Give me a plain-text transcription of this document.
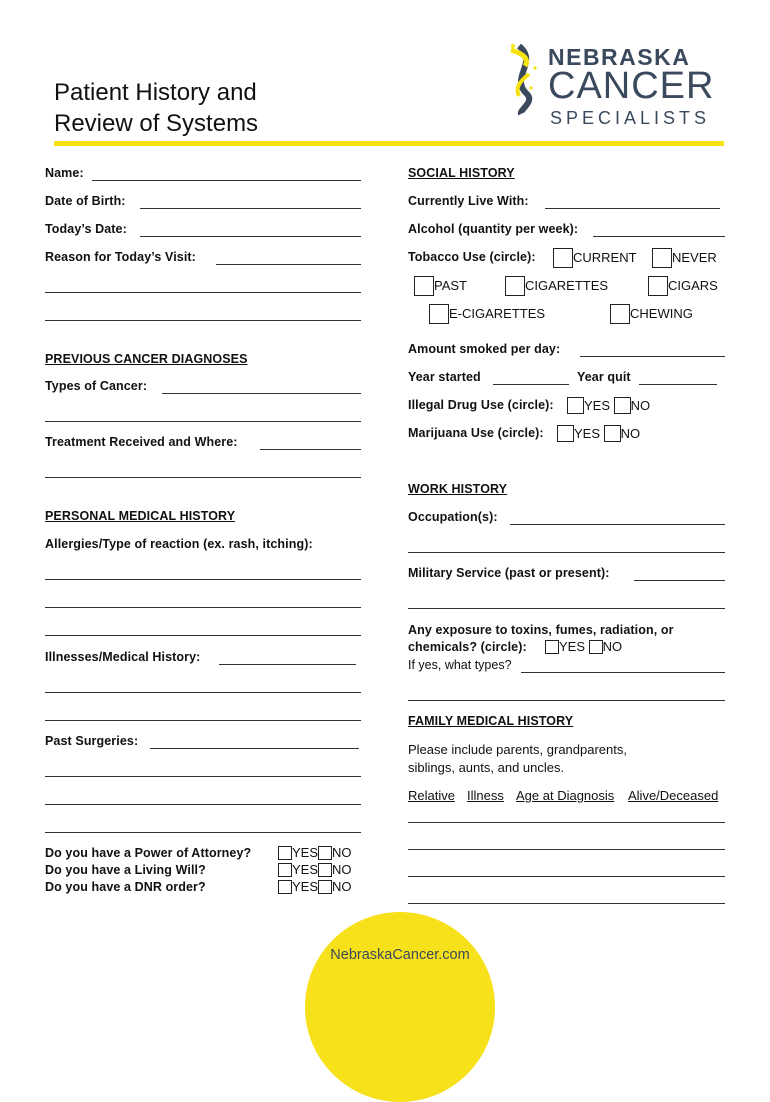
Patient History and
Review of Systems
NEBRASKA
CANCER
SPECIALISTS
Name:
Date of Birth:
Today’s Date:
Reason for Today’s Visit:
PREVIOUS CANCER DIAGNOSES
Types of Cancer:
Treatment Received and Where:
PERSONAL MEDICAL HISTORY
Allergies/Type of reaction (ex. rash, itching):
Illnesses/Medical History:
Past Surgeries:
Do you have a Power of Attorney?	YES NO
Do you have a Living Will?	YES NO
Do you have a DNR order?	YES NO
SOCIAL HISTORY
Currently Live With:
Alcohol (quantity per week):
Tobacco Use (circle):	CURRENT	NEVER
PAST	CIGARETTES	CIGARS
E-CIGARETTES	CHEWING
Amount smoked per day:
Year started	Year quit
Illegal Drug Use (circle):	YES NO
Marijuana Use (circle):	YES NO
WORK HISTORY
Occupation(s):
Military Service (past or present):
Any exposure to toxins, fumes, radiation, or
chemicals? (circle):	YES NO
If yes, what types?
FAMILY MEDICAL HISTORY
Please include parents, grandparents,
siblings, aunts, and uncles.
Relative Illness Age at Diagnosis Alive/Deceased
NebraskaCancer.com
